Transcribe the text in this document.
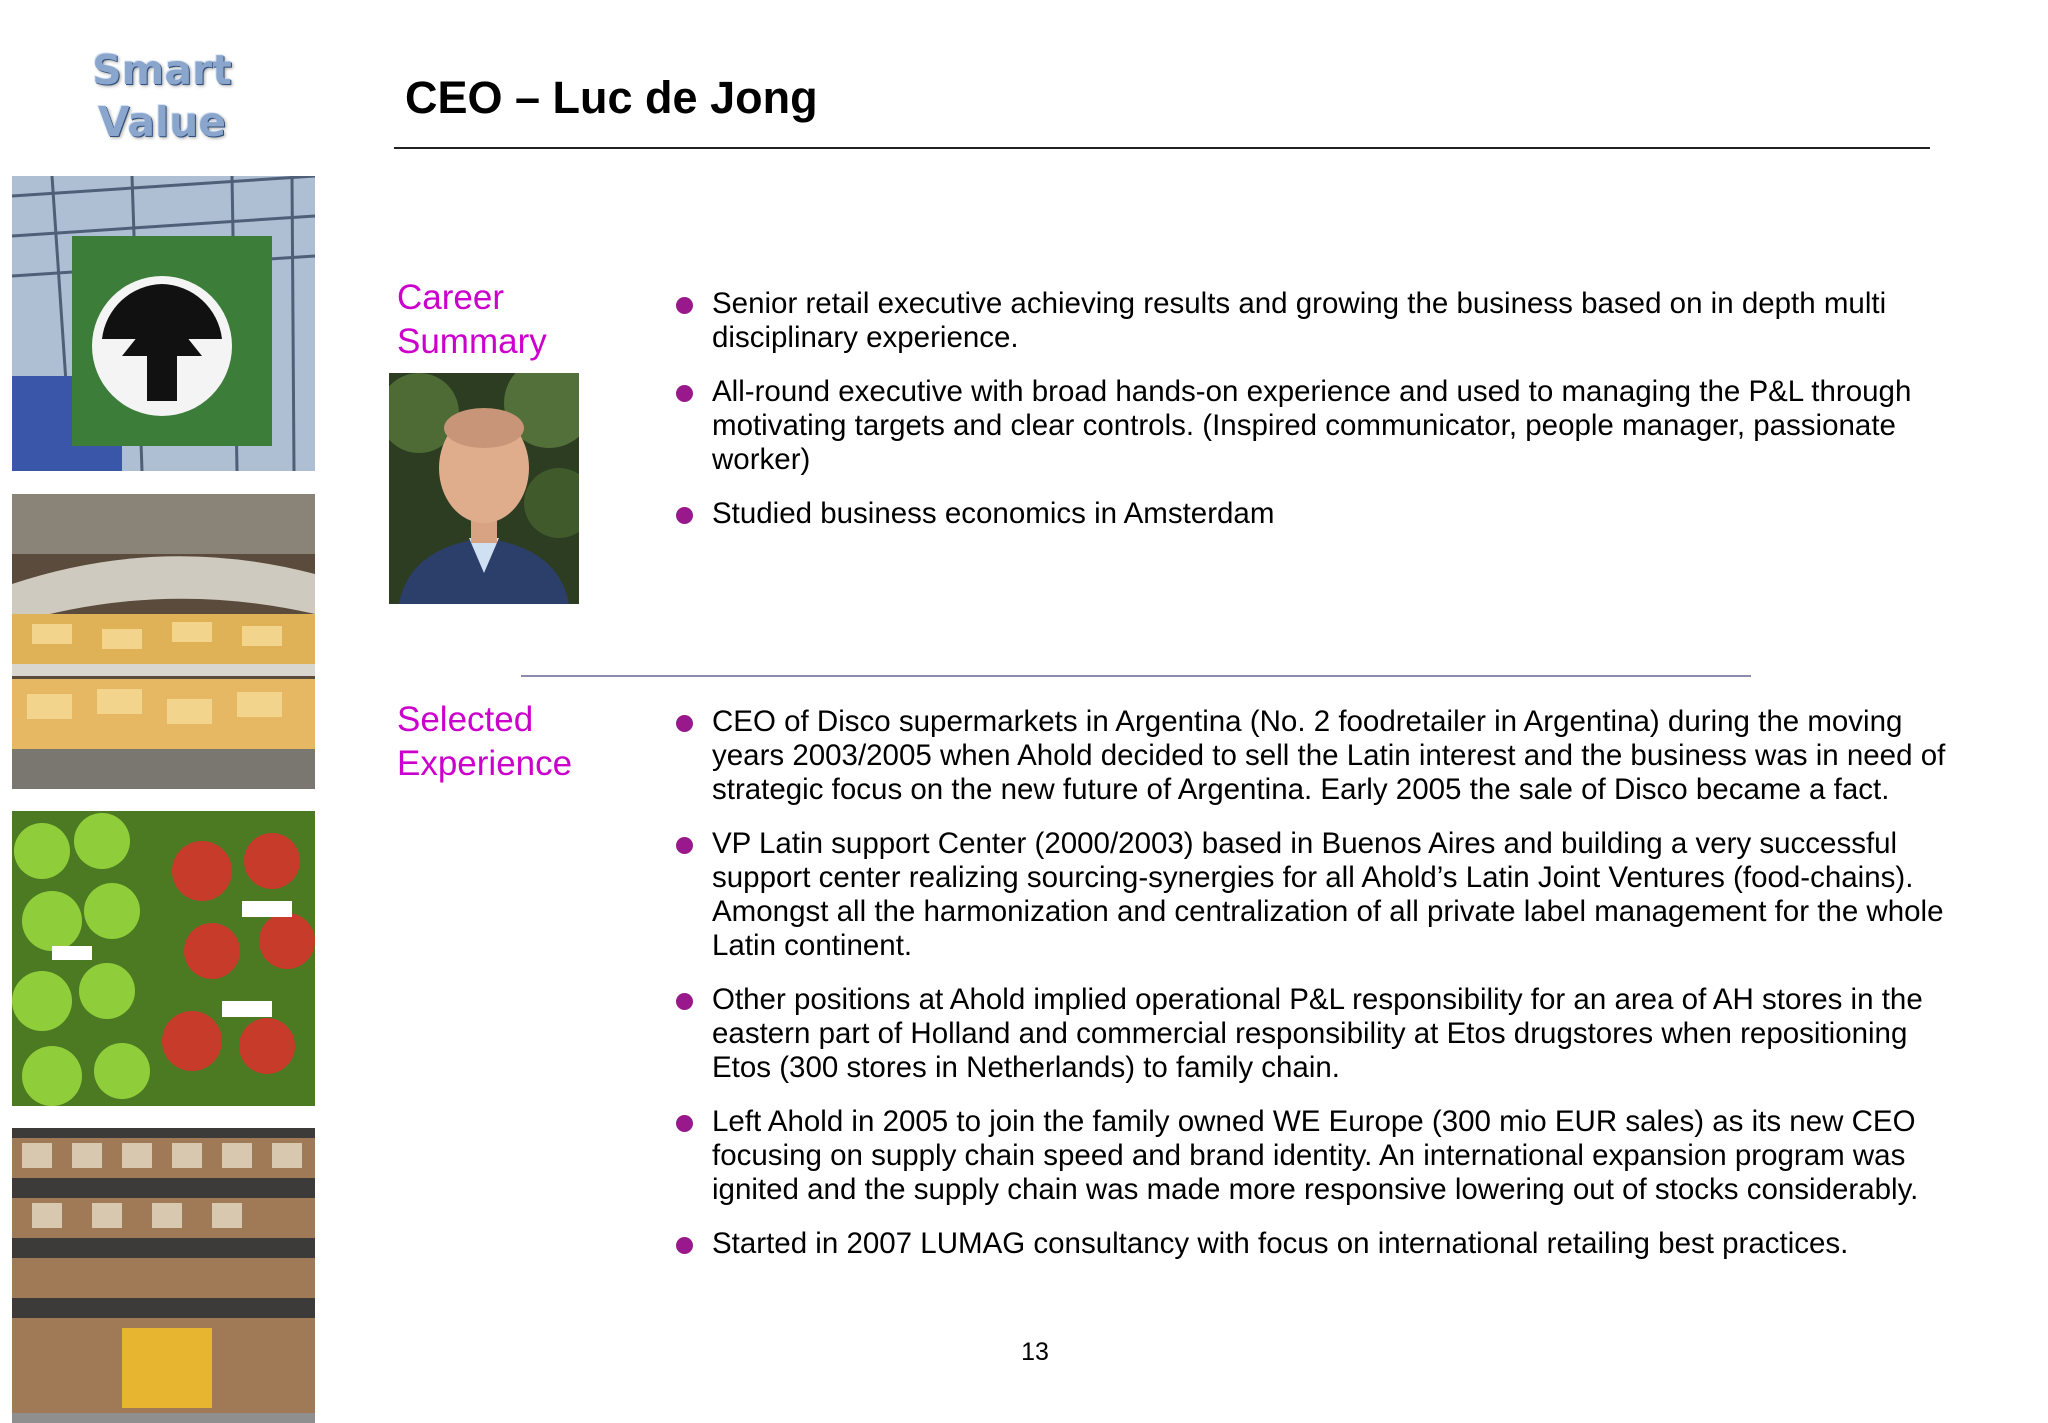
Smart
Value	CEO – Luc de Jong
Career Summary
Senior retail executive achieving results and growing the business based on in depth multi disciplinary experience.
All-round executive with broad hands-on experience and used to managing the P&L through motivating targets and clear controls. (Inspired communicator, people manager, passionate worker)
Studied business economics in Amsterdam
Selected Experience
CEO of Disco supermarkets in Argentina (No. 2 foodretailer in Argentina) during the moving years 2003/2005 when Ahold decided to sell the Latin interest and the business was in need of strategic focus on the new future of Argentina. Early 2005 the sale of Disco became a fact.
VP Latin support Center (2000/2003) based in Buenos Aires and building a very successful support center realizing sourcing-synergies for all Ahold’s Latin Joint Ventures (food-chains). Amongst all the harmonization and centralization of all private label management for the whole Latin continent.
Other positions at Ahold implied operational P&L responsibility for an area of AH stores in the eastern part of Holland and commercial responsibility at Etos drugstores when repositioning Etos (300 stores in Netherlands) to family chain.
Left Ahold in 2005 to join the family owned WE Europe (300 mio EUR sales) as its new CEO focusing on supply chain speed and brand identity. An international expansion program was ignited and the supply chain was made more responsive lowering out of stocks considerably.
Started in 2007 LUMAG consultancy with focus on international retailing best practices.
13
